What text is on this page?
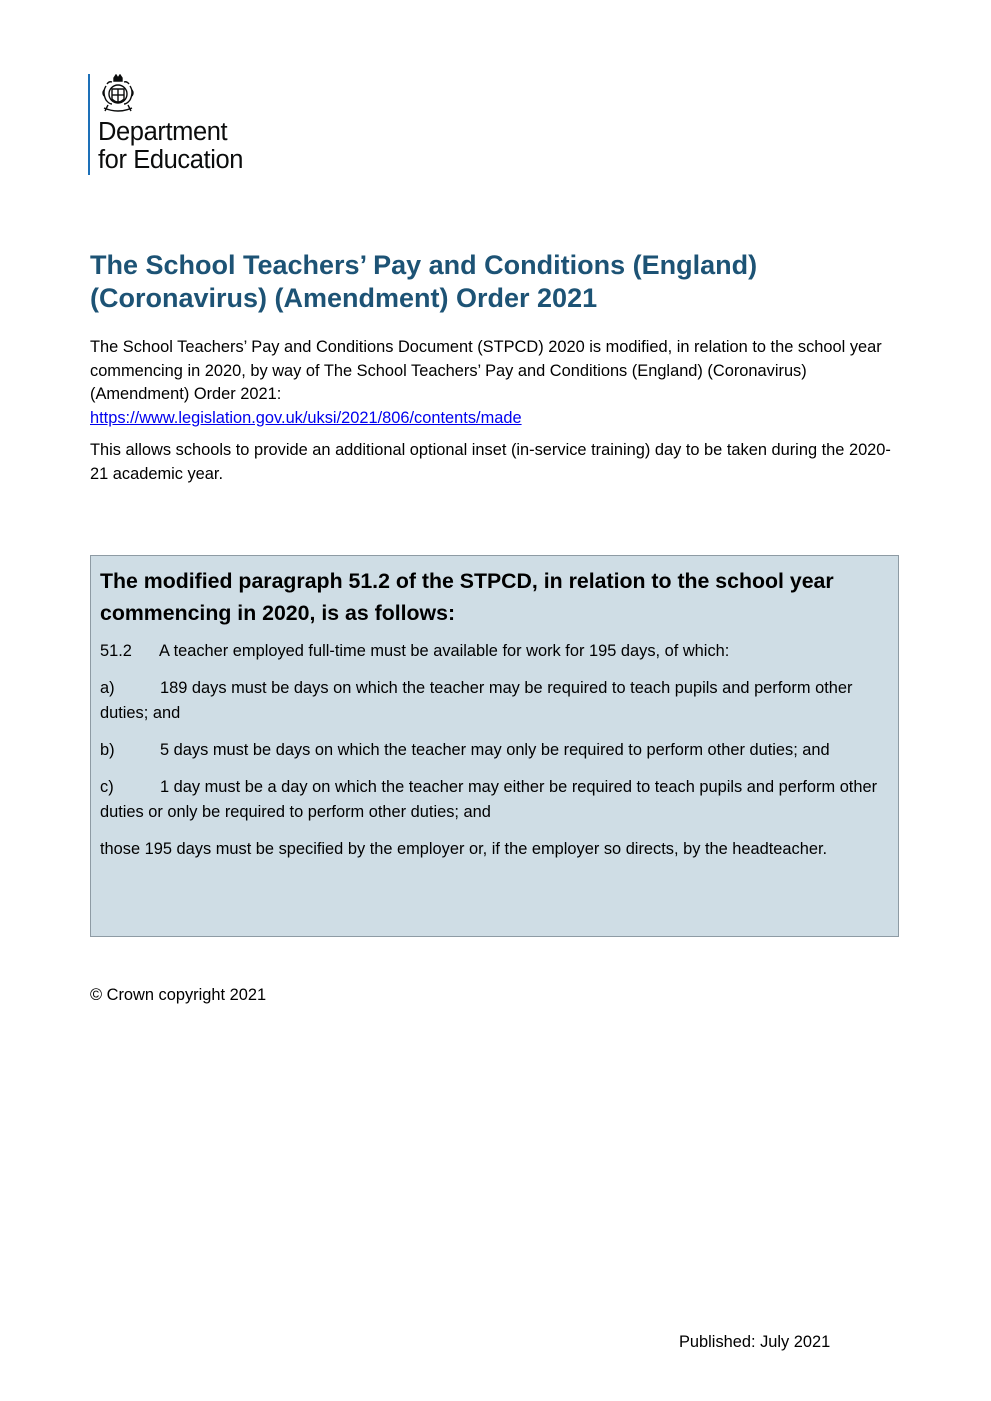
Department
for Education
The School Teachers’ Pay and Conditions (England) (Coronavirus) (Amendment) Order 2021

The School Teachers’ Pay and Conditions Document (STPCD) 2020 is modified, in relation to the school year commencing in 2020, by way of The School Teachers’ Pay and Conditions (England) (Coronavirus) (Amendment) Order 2021:

https://www.legislation.gov.uk/uksi/2021/806/contents/made

This allows schools to provide an additional optional inset (in-service training) day to be taken during the 2020-21 academic year.

The modified paragraph 51.2 of the STPCD, in relation to the school year commencing in 2020, is as follows:

51.2 A teacher employed full-time must be available for work for 195 days, of which:

a)	189 days must be days on which the teacher may be required to teach pupils and perform other duties; and

b)	5 days must be days on which the teacher may only be required to perform other duties; and

c)	1 day must be a day on which the teacher may either be required to teach pupils and perform other duties or only be required to perform other duties; and

those 195 days must be specified by the employer or, if the employer so directs, by the headteacher.

© Crown copyright 2021
Published: July 2021
